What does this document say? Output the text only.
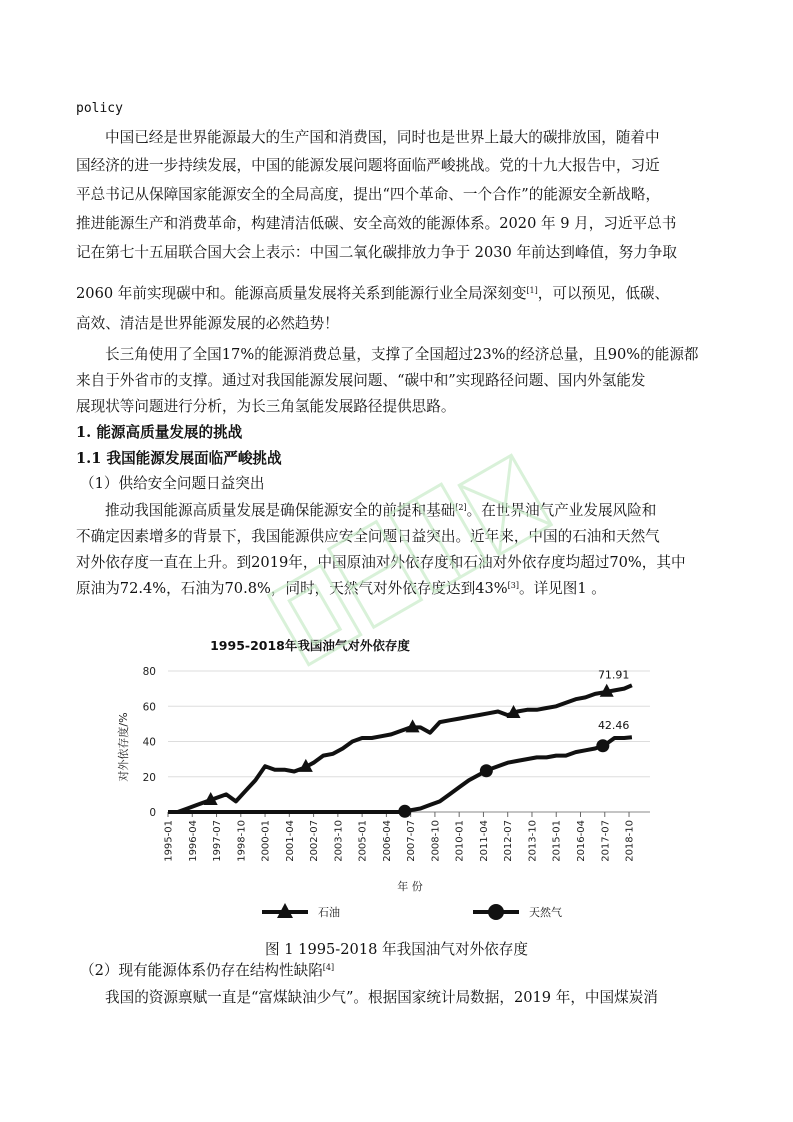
policy
中国已经是世界能源最大的生产国和消费国，同时也是世界上最大的碳排放国，随着中
国经济的进一步持续发展，中国的能源发展问题将面临严峻挑战。党的十九大报告中，习近
平总书记从保障国家能源安全的全局高度，提出“四个革命、一个合作”的能源安全新战略，
推进能源生产和消费革命，构建清洁低碳、安全高效的能源体系。2020 年 9 月，习近平总书
记在第七十五届联合国大会上表示：中国二氧化碳排放力争于 2030 年前达到峰值，努力争取
2060 年前实现碳中和。能源高质量发展将关系到能源行业全局深刻变[1]，可以预见，低碳、
高效、清洁是世界能源发展的必然趋势！
长三角使用了全国17%的能源消费总量，支撑了全国超过23%的经济总量，且90%的能源都
来自于外省市的支撑。通过对我国能源发展问题、“碳中和”实现路径问题、国内外氢能发
展现状等问题进行分析，为长三角氢能发展路径提供思路。
1. 能源高质量发展的挑战
1.1 我国能源发展面临严峻挑战
（1）供给安全问题日益突出
推动我国能源高质量发展是确保能源安全的前提和基础[2]。在世界油气产业发展风险和
不确定因素增多的背景下，我国能源供应安全问题日益突出。近年来，中国的石油和天然气
对外依存度一直在上升。到2019年，中国原油对外依存度和石油对外依存度均超过70%，其中
原油为72.4%，石油为70.8%，同时，天然气对外依存度达到43%[3]。详见图1 。
1995-2018年我国油气对外依存度
0
20
40
60
80
1995-01 1996-04 1997-07 1998-10 2000-01 2001-04 2002-07 2003-10 2005-01 2006-04 2007-07 2008-10 2010-01 2011-04 2012-07 2013-10 2015-01 2016-04 2017-07 2018-10
71.91
42.46
对外依存度/%
年 份
石油	天然气
图 1 1995-2018 年我国油气对外依存度
（2）现有能源体系仍存在结构性缺陷[4]
我国的资源禀赋一直是“富煤缺油少气”。根据国家统计局数据，2019 年，中国煤炭消
